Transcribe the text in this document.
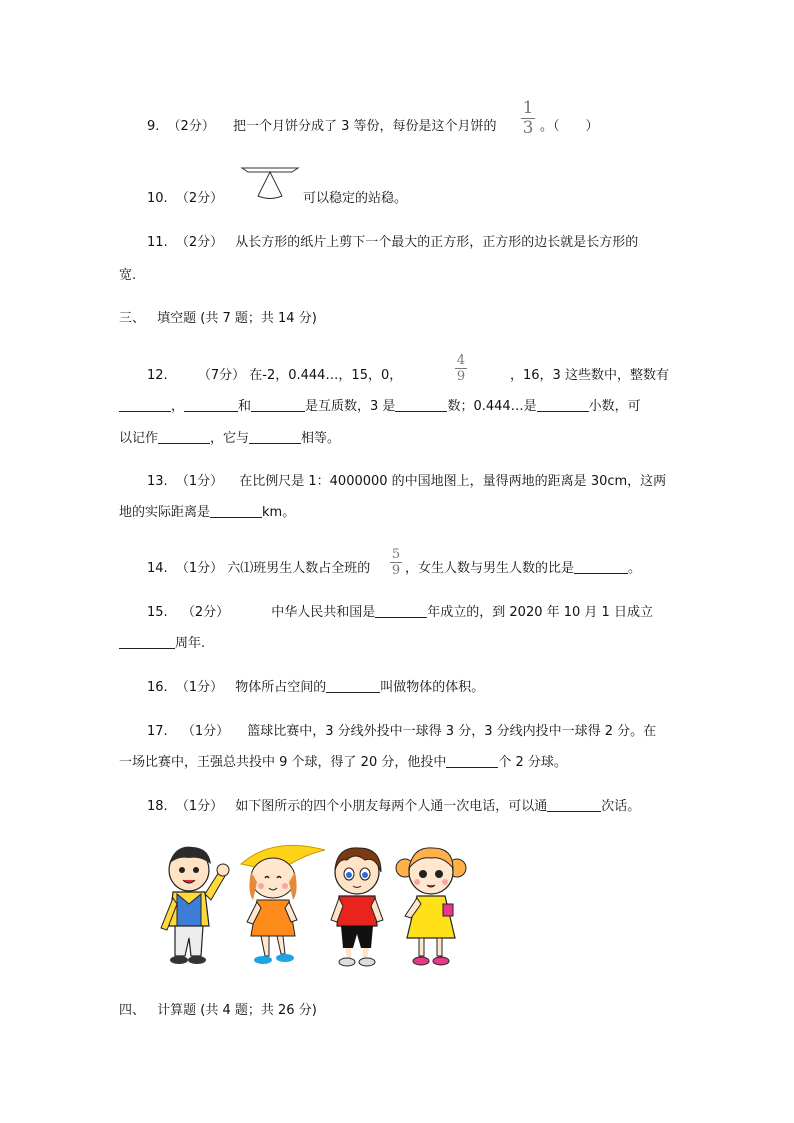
9. （2分） 把一个月饼分成了 3 等份，每份是这个月饼的
1
3 。（　　）
10. （2分）	可以稳定的站稳。
11. （2分） 从长方形的纸片上剪下一个最大的正方形，正方形的边长就是长方形的
宽.
三、 填空题 (共 7 题；共 14 分)
12. （7分） 在-2，0.444…，15，0，
4
9	，16，3 这些数中，整数有
，	和	是互质数，3 是	数；0.444…是	小数，可
以记作	，它与	相等。
13. （1分） 在比例尺是 1：4000000 的中国地图上，量得两地的距离是 30cm，这两
地的实际距离是	km。
14. （1分） 六⑴班男生人数占全班的
5
9 ，女生人数与男生人数的比是	。
15. （2分）	中华人民共和国是	年成立的，到 2020 年 10 月 1 日成立
周年.
16. （1分） 物体所占空间的	叫做物体的体积。
17. （1分） 篮球比赛中，3 分线外投中一球得 3 分，3 分线内投中一球得 2 分。在
一场比赛中，王强总共投中 9 个球，得了 20 分，他投中	个 2 分球。
18. （1分） 如下图所示的四个小朋友每两个人通一次电话，可以通	次话。
四、 计算题 (共 4 题；共 26 分)
